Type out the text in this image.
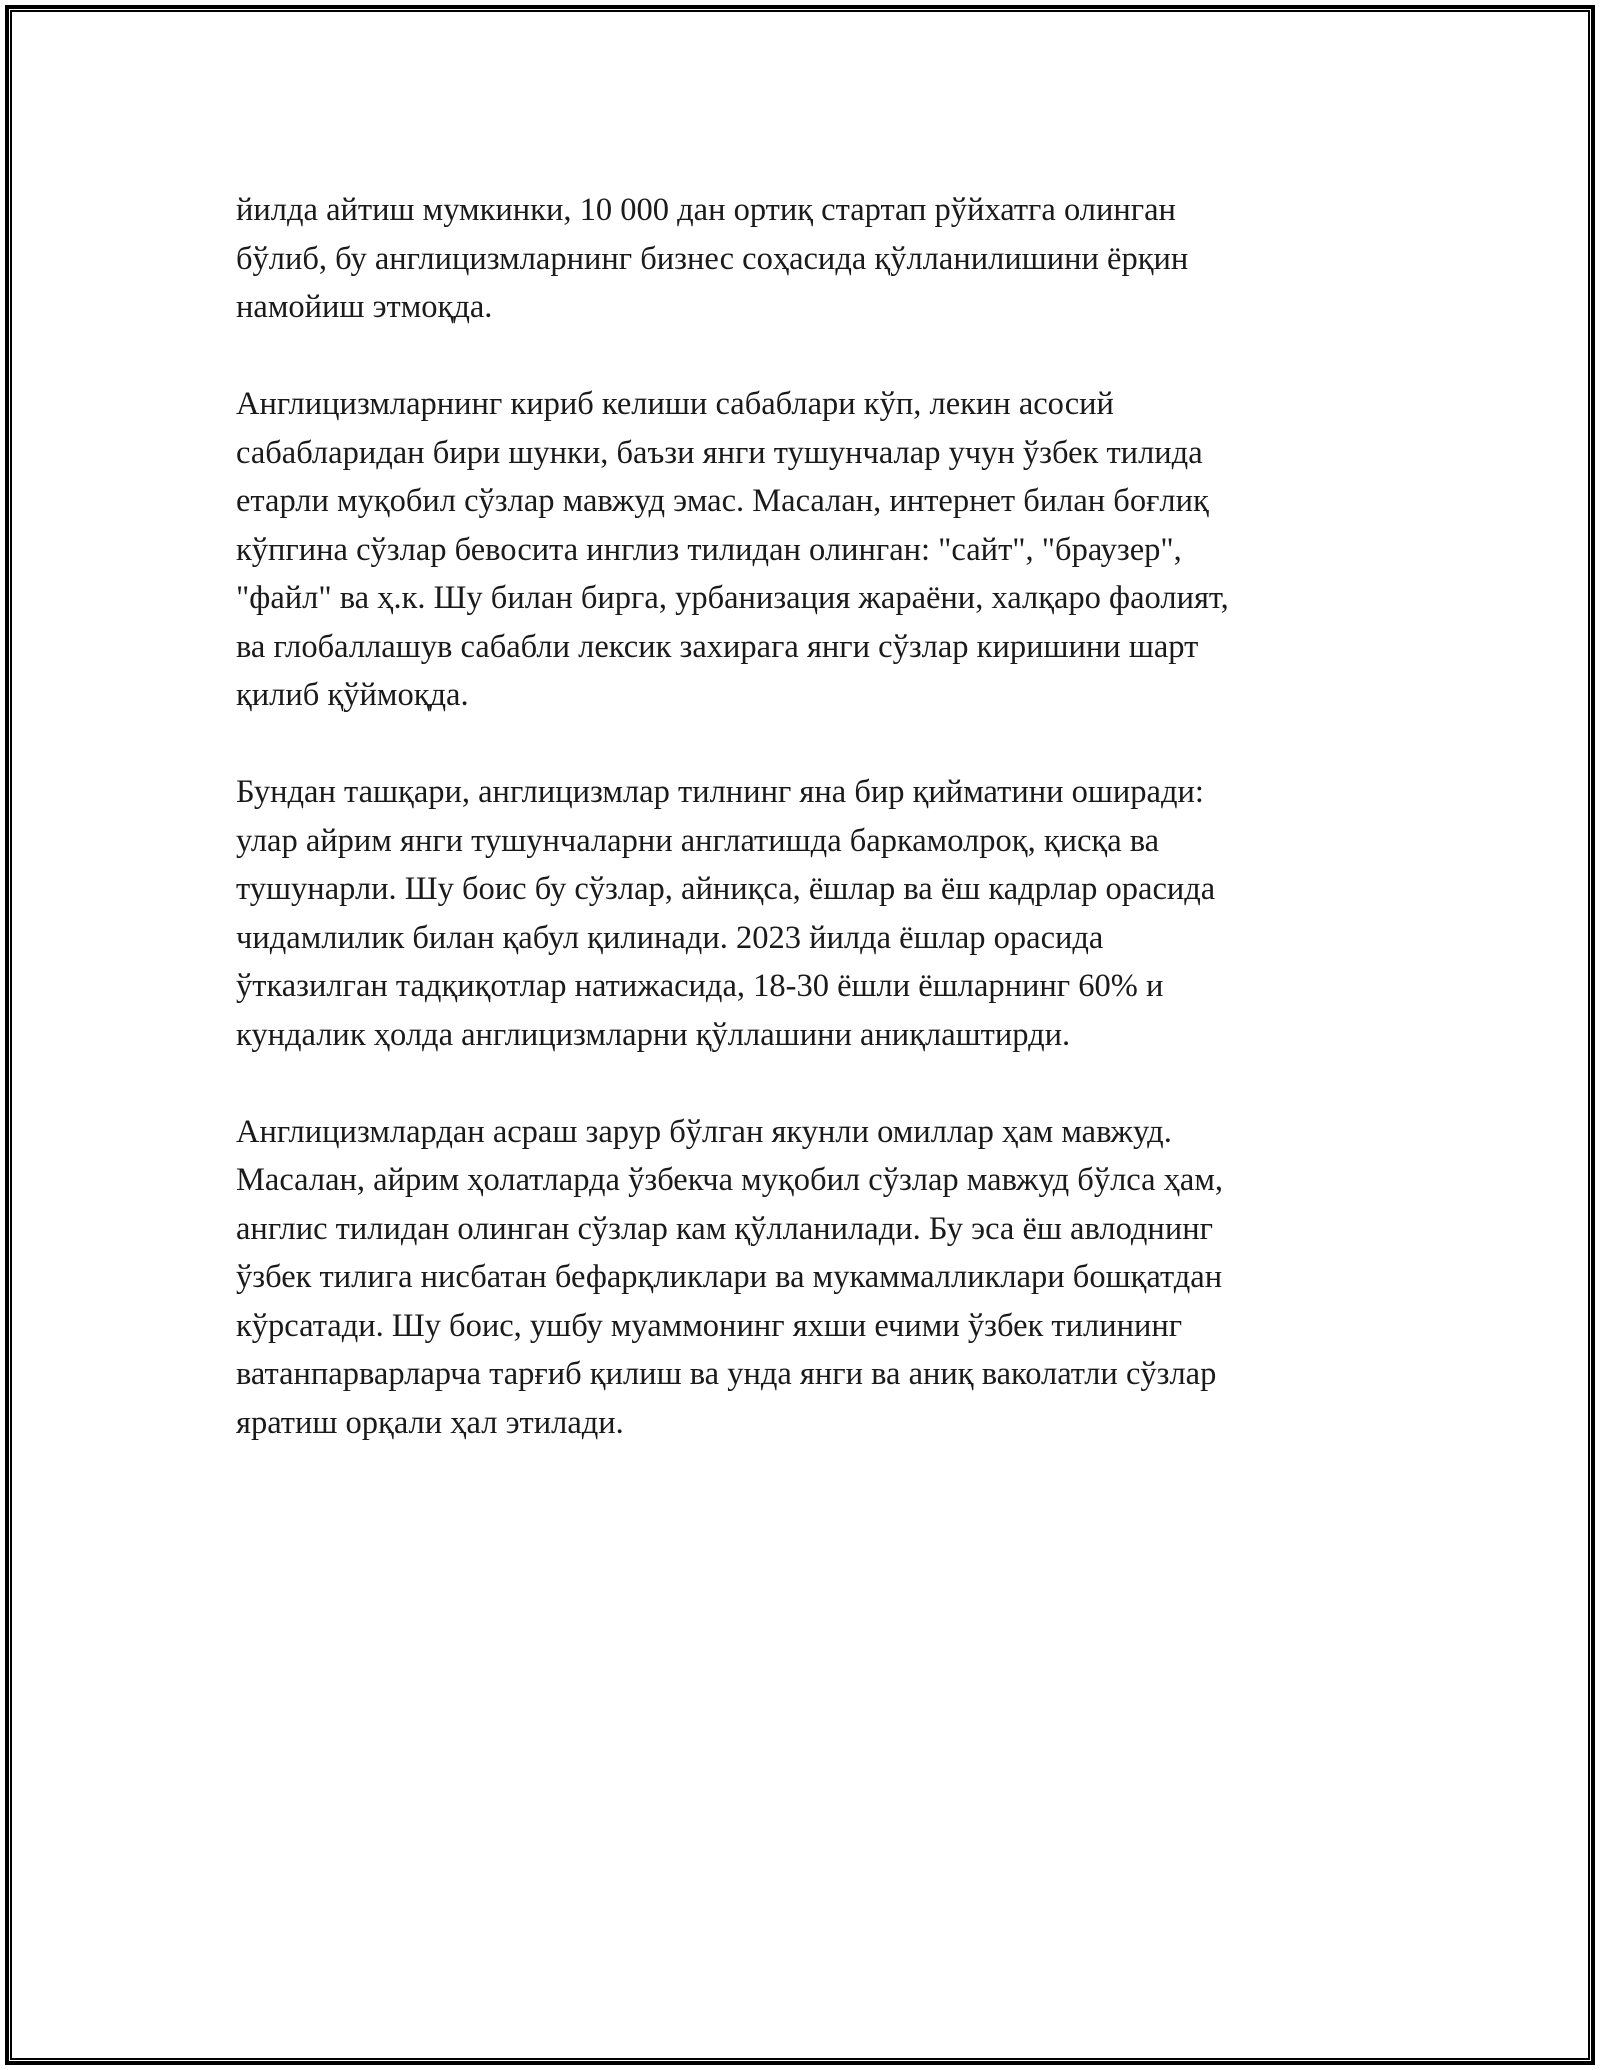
йилда айтиш мумкинки, 10 000 дан ортиқ стартап рўйхатга олинган
бўлиб, бу англицизмларнинг бизнес соҳасида қўлланилишини ёрқин
намойиш этмоқда.

Англицизмларнинг кириб келиши сабаблари кўп, лекин асосий
сабабларидан бири шунки, баъзи янги тушунчалар учун ўзбек тилида
етарли муқобил сўзлар мавжуд эмас. Масалан, интернет билан боғлиқ
кўпгина сўзлар бевосита инглиз тилидан олинган: "сайт", "браузер",
"файл" ва ҳ.к. Шу билан бирга, урбанизация жараёни, халқаро фаолият,
ва глобаллашув сабабли лексик захирага янги сўзлар киришини шарт
қилиб қўймоқда.

Бундан ташқари, англицизмлар тилнинг яна бир қийматини оширади:
улар айрим янги тушунчаларни англатишда баркамолроқ, қисқа ва
тушунарли. Шу боис бу сўзлар, айниқса, ёшлар ва ёш кадрлар орасида
чидамлилик билан қабул қилинади. 2023 йилда ёшлар орасида
ўтказилган тадқиқотлар натижасида, 18-30 ёшли ёшларнинг 60% и
кундалик ҳолда англицизмларни қўллашини аниқлаштирди.

Англицизмлардан асраш зарур бўлган якунли омиллар ҳам мавжуд.
Масалан, айрим ҳолатларда ўзбекча муқобил сўзлар мавжуд бўлса ҳам,
англис тилидан олинган сўзлар кам қўлланилади. Бу эса ёш авлоднинг
ўзбек тилига нисбатан бефарқликлари ва мукаммалликлари бошқатдан
кўрсатади. Шу боис, ушбу муаммонинг яхши ечими ўзбек тилининг
ватанпарварларча тарғиб қилиш ва унда янги ва аниқ ваколатли сўзлар
яратиш орқали ҳал этилади.
